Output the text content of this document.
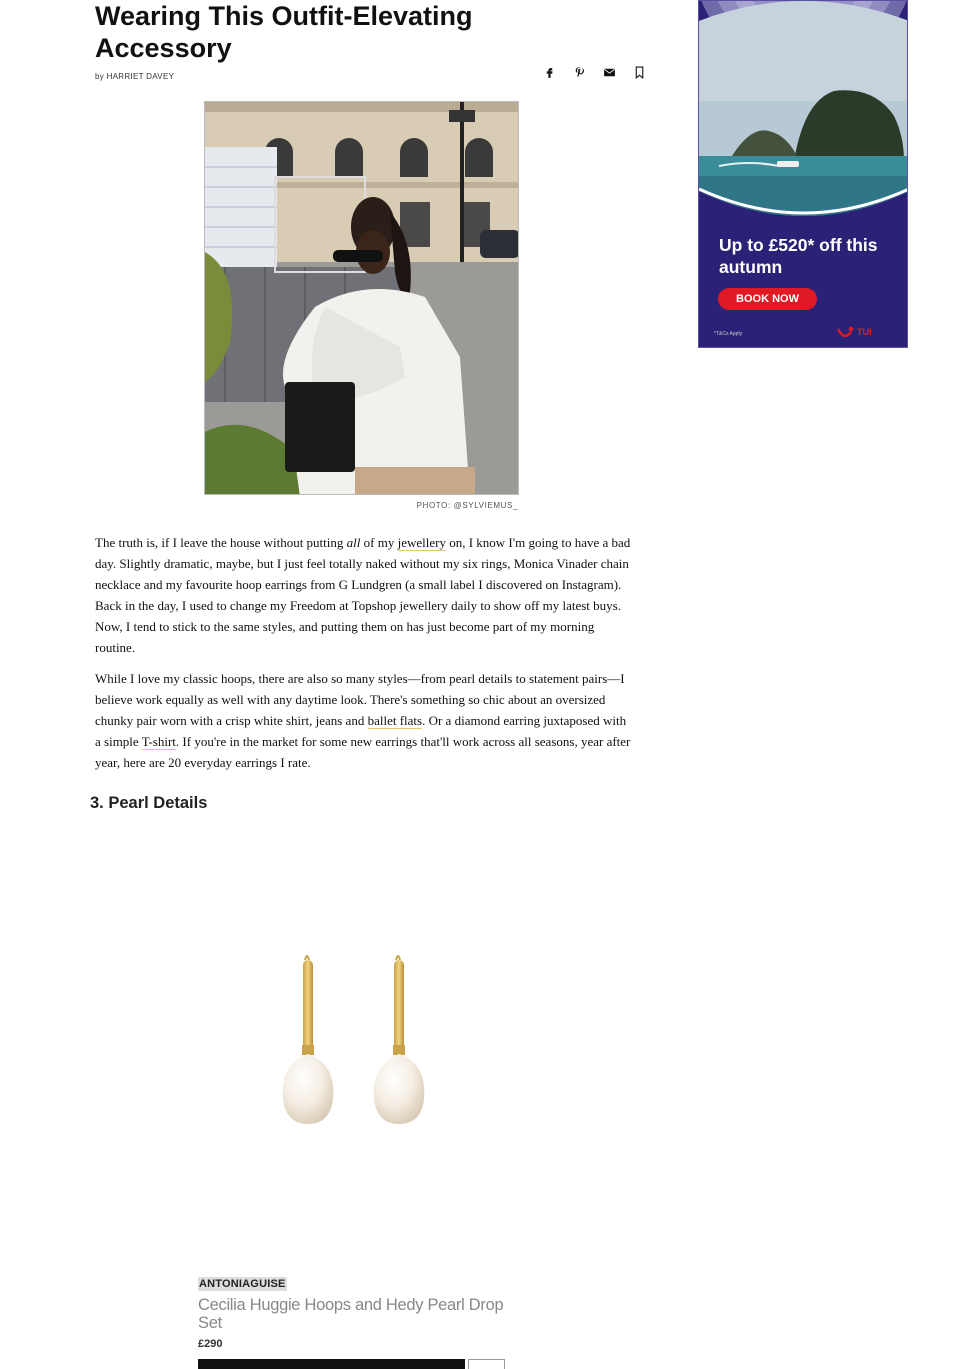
Wearing This Outfit-Elevating Accessory
by HARRIET DAVEY
PHOTO: @SYLVIEMUS_

The truth is, if I leave the house without putting all of my jewellery on, I know I'm going to have a bad day. Slightly dramatic, maybe, but I just feel totally naked without my six rings, Monica Vinader chain necklace and my favourite hoop earrings from G Lundgren (a small label I discovered on Instagram). Back in the day, I used to change my Freedom at Topshop jewellery daily to show off my latest buys. Now, I tend to stick to the same styles, and putting them on has just become part of my morning routine.

While I love my classic hoops, there are also so many styles—from pearl details to statement pairs—I believe work equally as well with any daytime look. There's something so chic about an oversized chunky pair worn with a crisp white shirt, jeans and ballet flats. Or a diamond earring juxtaposed with a simple T-shirt. If you're in the market for some new earrings that'll work across all seasons, year after year, here are 20 everyday earrings I rate.

3. Pearl Details
ANTONIAGUISE
Cecilia Huggie Hoops and Hedy Pearl Drop Set
£290
Up to £520* off this autumn
BOOK NOW
*T&Cs Apply	TUI
